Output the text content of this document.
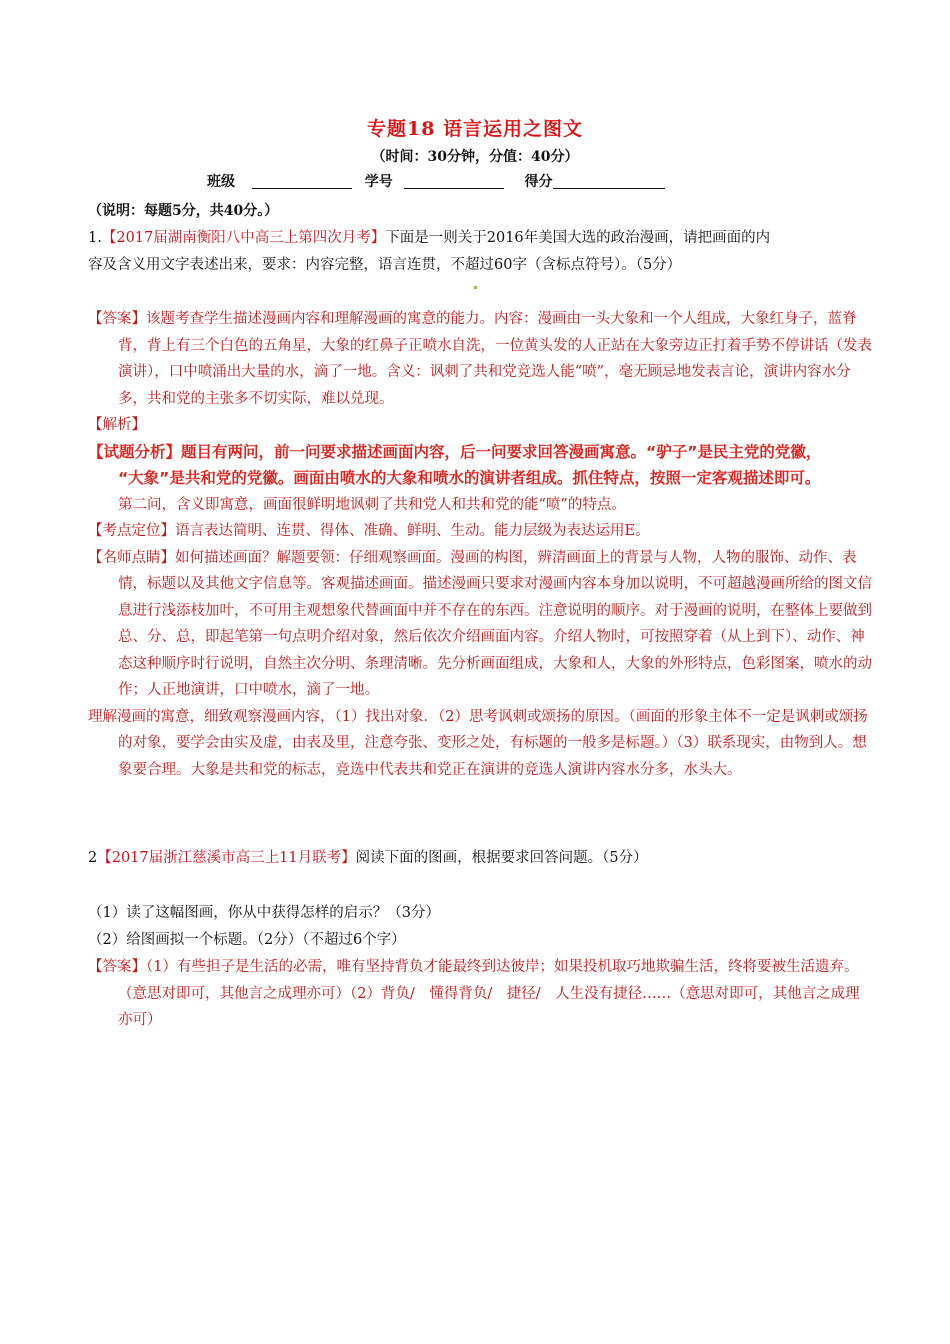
专题18 语言运用之图文
（时间：30分钟，分值：40分）
班级	学号	得分
（说明：每题5分，共40分。）

1.【2017届湖南衡阳八中高三上第四次月考】下面是一则关于2016年美国大选的政治漫画，请把画面的内

容及含义用文字表述出来，要求：内容完整，语言连贯，不超过60字（含标点符号）。（5分）

【答案】该题考查学生描述漫画内容和理解漫画的寓意的能力。内容：漫画由一头大象和一个人组成，大象红身子，蓝脊背，背上有三个白色的五角星，大象的红鼻子正喷水自洗，一位黄头发的人正站在大象旁边正打着手势不停讲话（发表演讲），口中喷涌出大量的水，滴了一地。含义：讽刺了共和党竞选人能“喷”，毫无顾忌地发表言论，演讲内容水分多，共和党的主张多不切实际，难以兑现。

【解析】

【试题分析】题目有两问，前一问要求描述画面内容，后一问要求回答漫画寓意。“驴子”是民主党的党徽，

“大象”是共和党的党徽。画面由喷水的大象和喷水的演讲者组成。抓住特点，按照一定客观描述即可。

第二问，含义即寓意，画面很鲜明地讽刺了共和党人和共和党的能“喷”的特点。

【考点定位】语言表达简明、连贯、得体、准确、鲜明、生动。能力层级为表达运用E。

【名师点睛】如何描述画面？解题要领：仔细观察画面。漫画的构图，辨清画面上的背景与人物，人物的服饰、动作、表情，标题以及其他文字信息等。客观描述画面。描述漫画只要求对漫画内容本身加以说明，不可超越漫画所给的图文信息进行浅添枝加叶，不可用主观想象代替画面中并不存在的东西。注意说明的顺序。对于漫画的说明，在整体上要做到总、分、总，即起笔第一句点明介绍对象，然后依次介绍画面内容。介绍人物时，可按照穿着（从上到下）、动作、神态这种顺序时行说明，自然主次分明、条理清晰。先分析画面组成，大象和人，大象的外形特点，色彩图案，喷水的动作；人正地演讲，口中喷水，滴了一地。

理解漫画的寓意，细致观察漫画内容，（1）找出对象．（2）思考讽刺或颂扬的原因。（画面的形象主体不一定是讽刺或颂扬的对象，要学会由实及虚，由表及里，注意夸张、变形之处，有标题的一般多是标题。）（3）联系现实，由物到人。想象要合理。大象是共和党的标志，竞选中代表共和党正在演讲的竞选人演讲内容水分多，水头大。

2【2017届浙江慈溪市高三上11月联考】阅读下面的图画，根据要求回答问题。（5分）

（1）读了这幅图画，你从中获得怎样的启示？（3分）

（2）给图画拟一个标题。（2分）（不超过6个字）

【答案】（1）有些担子是生活的必需，唯有坚持背负才能最终到达彼岸；如果投机取巧地欺骗生活，终将要被生活遗弃。（意思对即可，其他言之成理亦可）（2）背负/　懂得背负/　捷径/　人生没有捷径……（意思对即可，其他言之成理亦可）
